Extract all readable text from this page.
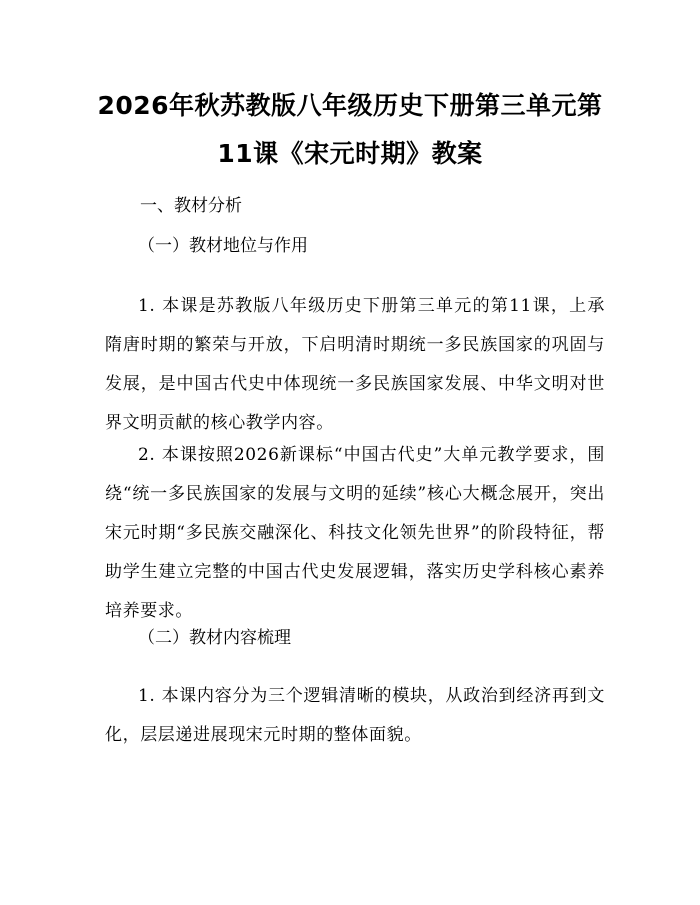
2026年秋苏教版八年级历史下册第三单元第
11课《宋元时期》教案
一、教材分析
（一）教材地位与作用
1. 本课是苏教版八年级历史下册第三单元的第11课，上承隋唐时期的繁荣与开放，下启明清时期统一多民族国家的巩固与发展，是中国古代史中体现统一多民族国家发展、中华文明对世界文明贡献的核心教学内容。
2. 本课按照2026新课标“中国古代史”大单元教学要求，围绕“统一多民族国家的发展与文明的延续”核心大概念展开，突出宋元时期“多民族交融深化、科技文化领先世界”的阶段特征，帮助学生建立完整的中国古代史发展逻辑，落实历史学科核心素养培养要求。
（二）教材内容梳理
1. 本课内容分为三个逻辑清晰的模块，从政治到经济再到文化，层层递进展现宋元时期的整体面貌。
